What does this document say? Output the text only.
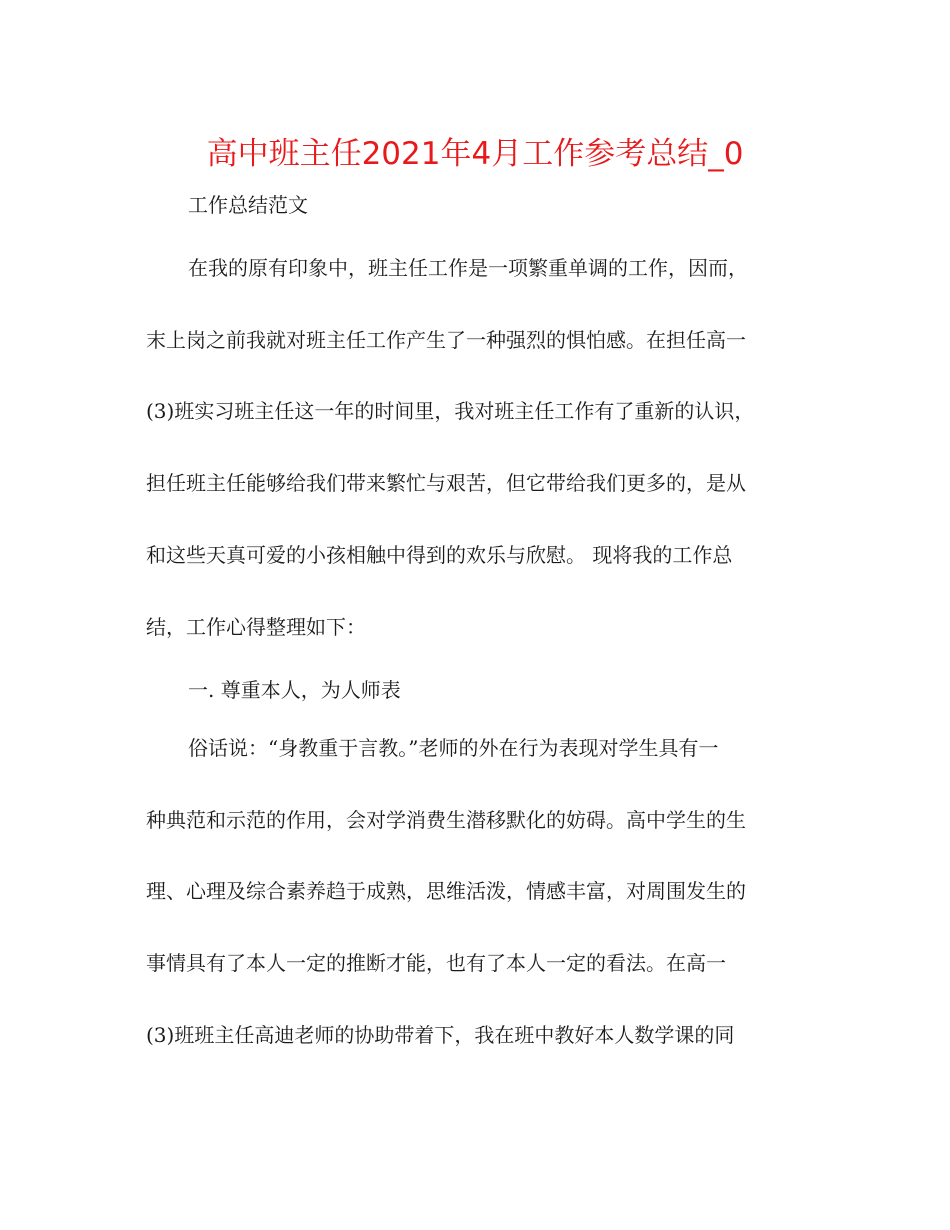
高中班主任2021年4月工作参考总结_0
工作总结范文
在我的原有印象中，班主任工作是一项繁重单调的工作，因而，
末上岗之前我就对班主任工作产生了一种强烈的惧怕感。在担任高一
(3)班实习班主任这一年的时间里，我对班主任工作有了重新的认识，
担任班主任能够给我们带来繁忙与艰苦，但它带给我们更多的，是从
和这些天真可爱的小孩相触中得到的欢乐与欣慰。 现将我的工作总
结，工作心得整理如下：
一. 尊重本人，为人师表
俗话说：“身教重于言教。”老师的外在行为表现对学生具有一
种典范和示范的作用，会对学消费生潜移默化的妨碍。高中学生的生
理、心理及综合素养趋于成熟，思维活泼，情感丰富，对周围发生的
事情具有了本人一定的推断才能，也有了本人一定的看法。在高一
(3)班班主任高迪老师的协助带着下，我在班中教好本人数学课的同
